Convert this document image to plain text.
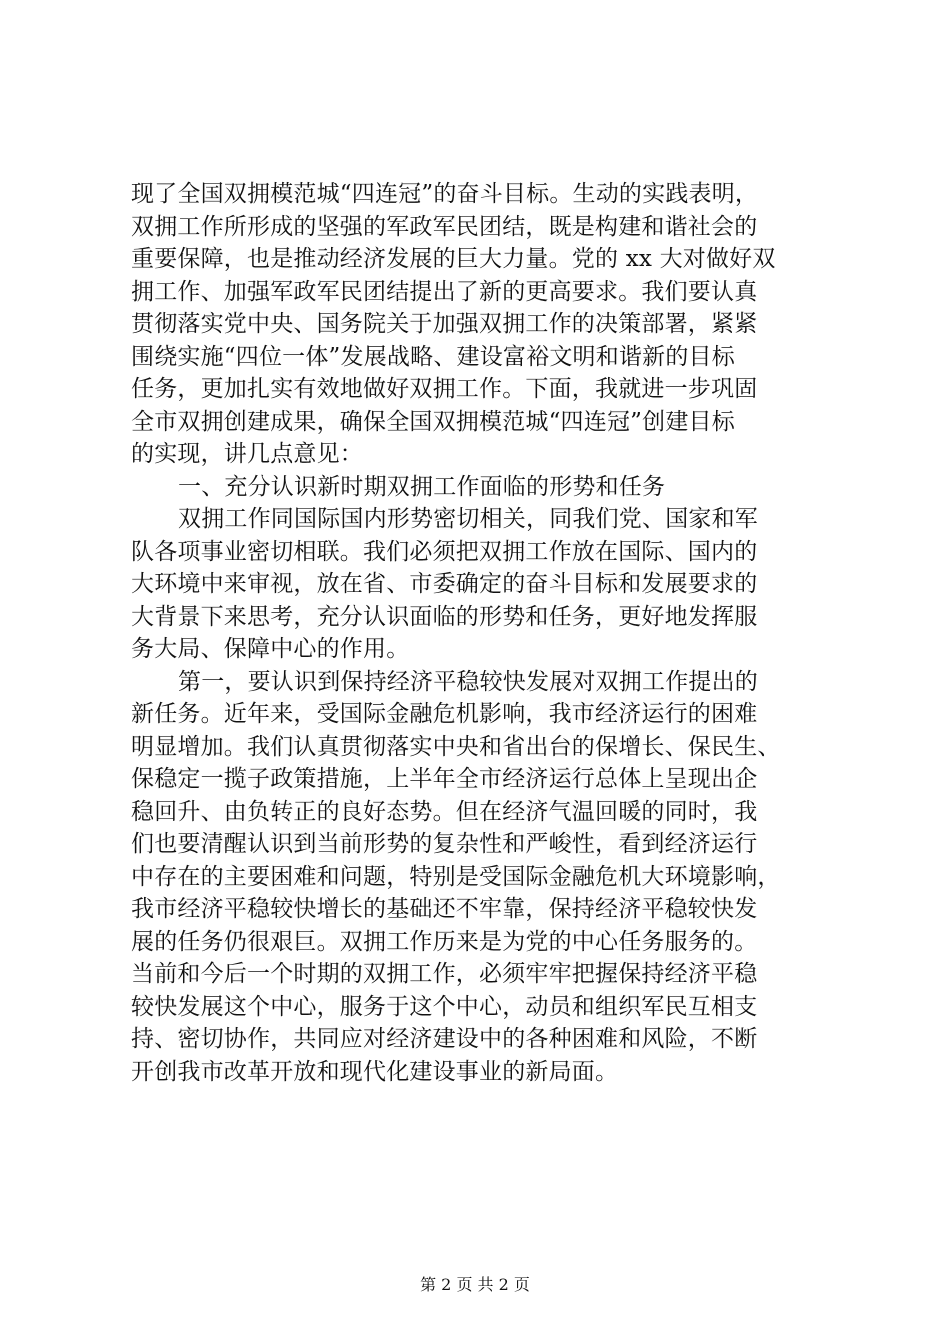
现了全国双拥模范城“四连冠”的奋斗目标。生动的实践表明，
双拥工作所形成的坚强的军政军民团结，既是构建和谐社会的
重要保障，也是推动经济发展的巨大力量。党的 xx 大对做好双
拥工作、加强军政军民团结提出了新的更高要求。我们要认真
贯彻落实党中央、国务院关于加强双拥工作的决策部署，紧紧
围绕实施“四位一体”发展战略、建设富裕文明和谐新的目标
任务，更加扎实有效地做好双拥工作。下面，我就进一步巩固
全市双拥创建成果，确保全国双拥模范城“四连冠”创建目标
的实现，讲几点意见：
一、充分认识新时期双拥工作面临的形势和任务
双拥工作同国际国内形势密切相关，同我们党、国家和军
队各项事业密切相联。我们必须把双拥工作放在国际、国内的
大环境中来审视，放在省、市委确定的奋斗目标和发展要求的
大背景下来思考，充分认识面临的形势和任务，更好地发挥服
务大局、保障中心的作用。
第一，要认识到保持经济平稳较快发展对双拥工作提出的
新任务。近年来，受国际金融危机影响，我市经济运行的困难
明显增加。我们认真贯彻落实中央和省出台的保增长、保民生、
保稳定一揽子政策措施，上半年全市经济运行总体上呈现出企
稳回升、由负转正的良好态势。但在经济气温回暖的同时，我
们也要清醒认识到当前形势的复杂性和严峻性，看到经济运行
中存在的主要困难和问题，特别是受国际金融危机大环境影响，
我市经济平稳较快增长的基础还不牢靠，保持经济平稳较快发
展的任务仍很艰巨。双拥工作历来是为党的中心任务服务的。
当前和今后一个时期的双拥工作，必须牢牢把握保持经济平稳
较快发展这个中心，服务于这个中心，动员和组织军民互相支
持、密切协作，共同应对经济建设中的各种困难和风险，不断
开创我市改革开放和现代化建设事业的新局面。
第 2 页 共 2 页
